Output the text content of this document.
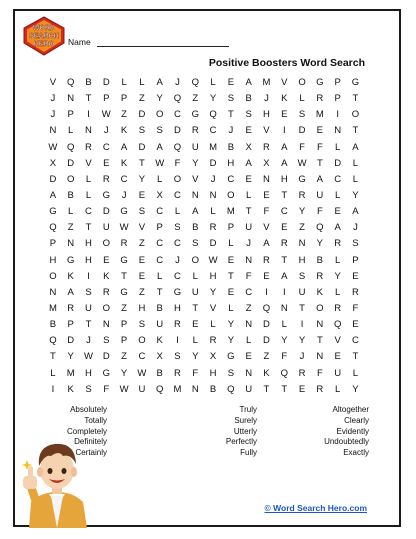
WORD
SEARCH
HERO Name
Positive Boosters Word Search
V	Q	B	D	L	L	A	J	Q	L	E	A	M	V	O	G	P	G
J	N	T	P	P	Z	Y	Q	Z	Y	S	B	J	K	L	R	P	T
J	P	I	W	Z	D	O	C	G	Q	T	S	H	E	S	M	I	O
N	L	N	J	K	S	S	D	R	C	J	E	V	I	D	E	N	T
W	Q	R	C	A	D	A	Q	U	M	B	X	R	A	F	F	L	A
X	D	V	E	K	T	W	F	Y	D	H	A	X	A	W	T	D	L
D	O	L	R	C	Y	L	O	V	J	C	E	N	H	G	A	C	L
A	B	L	G	J	E	X	C	N	N	O	L	E	T	R	U	L	Y
G	L	C	D	G	S	C	L	A	L	M	T	F	C	Y	F	E	A
Q	Z	T	U	W	V	P	S	B	R	P	U	V	E	Z	Q	A	J
P	N	H	O	R	Z	C	C	S	D	L	J	A	R	N	Y	R	S
H	G	H	E	G	E	C	J	O	W	E	N	R	T	H	B	L	P
O	K	I	K	T	E	L	C	L	H	T	F	E	A	S	R	Y	E
N	A	S	R	G	Z	T	G	U	Y	E	C	I	I	U	K	L	R
M	R	U	O	Z	H	B	H	T	V	L	Z	Q	N	T	O	R	F
B	P	T	N	P	S	U	R	E	L	Y	N	D	L	I	N	Q	E
Q	D	J	S	P	O	K	I	L	R	Y	L	D	Y	Y	T	V	C
T	Y	W	D	Z	C	X	S	Y	X	G	E	Z	F	J	N	E	T
L	M	H	G	Y	W	B	R	F	H	S	N	K	Q	R	F	U	L
I	K	S	F	W	U	Q	M	N	B	Q	U	T	T	E	R	L	Y
Absolutely
Totally
Completely
Definitely
Certainly
Truly
Surely
Utterly
Perfectly
Fully
Altogether
Clearly
Evidently
Undoubtedly
Exactly
© Word Search Hero.com
